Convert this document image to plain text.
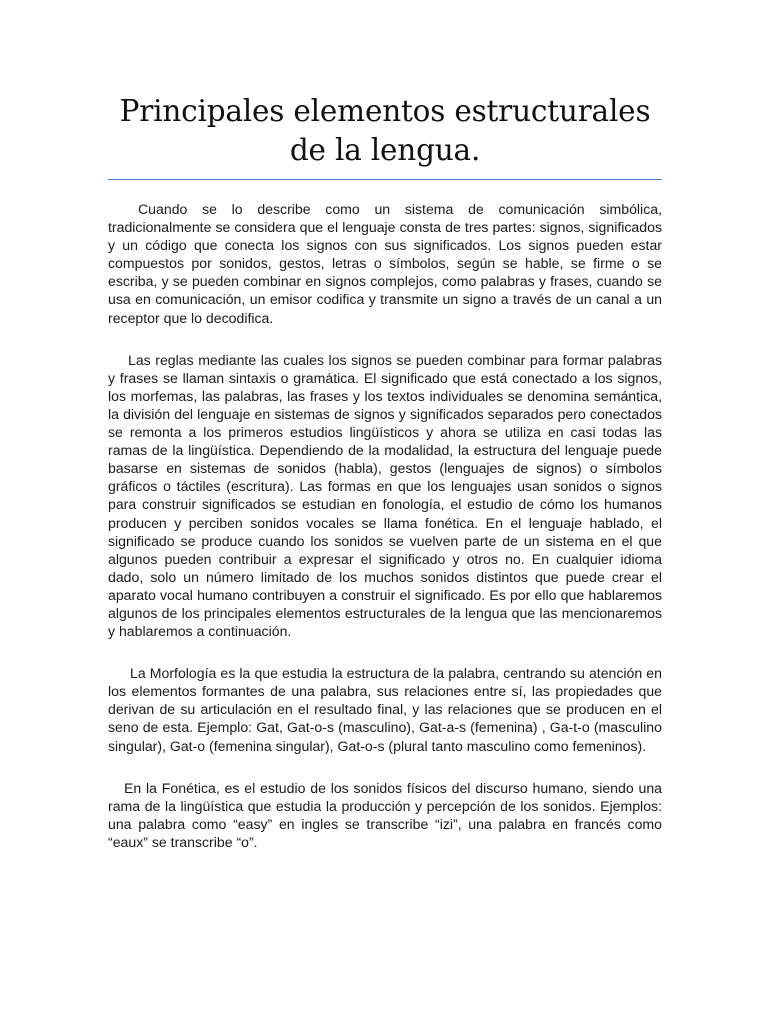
Principales elementos estructurales de la lengua.

Cuando se lo describe como un sistema de comunicación simbólica, tradicionalmente se considera que el lenguaje consta de tres partes: signos, significados y un código que conecta los signos con sus significados. Los signos pueden estar compuestos por sonidos, gestos, letras o símbolos, según se hable, se firme o se escriba, y se pueden combinar en signos complejos, como palabras y frases, cuando se usa en comunicación, un emisor codifica y transmite un signo a través de un canal a un receptor que lo decodifica.

Las reglas mediante las cuales los signos se pueden combinar para formar palabras y frases se llaman sintaxis o gramática. El significado que está conectado a los signos, los morfemas, las palabras, las frases y los textos individuales se denomina semántica, la división del lenguaje en sistemas de signos y significados separados pero conectados se remonta a los primeros estudios lingüísticos y ahora se utiliza en casi todas las ramas de la lingüística. Dependiendo de la modalidad, la estructura del lenguaje puede basarse en sistemas de sonidos (habla), gestos (lenguajes de signos) o símbolos gráficos o táctiles (escritura). Las formas en que los lenguajes usan sonidos o signos para construir significados se estudian en fonología, el estudio de cómo los humanos producen y perciben sonidos vocales se llama fonética. En el lenguaje hablado, el significado se produce cuando los sonidos se vuelven parte de un sistema en el que algunos pueden contribuir a expresar el significado y otros no. En cualquier idioma dado, solo un número limitado de los muchos sonidos distintos que puede crear el aparato vocal humano contribuyen a construir el significado. Es por ello que hablaremos algunos de los principales elementos estructurales de la lengua que las mencionaremos y hablaremos a continuación.

La Morfología es la que estudia la estructura de la palabra, centrando su atención en los elementos formantes de una palabra, sus relaciones entre sí, las propiedades que derivan de su articulación en el resultado final, y las relaciones que se producen en el seno de esta. Ejemplo: Gat, Gat-o-s (masculino), Gat-a-s (femenina) , Ga-t-o (masculino singular), Gat-o (femenina singular), Gat-o-s (plural tanto masculino como femeninos).

En la Fonética, es el estudio de los sonidos físicos del discurso humano, siendo una rama de la lingüística que estudia la producción y percepción de los sonidos. Ejemplos: una palabra como “easy” en ingles se transcribe “izi”, una palabra en francés como “eaux” se transcribe “o”.
